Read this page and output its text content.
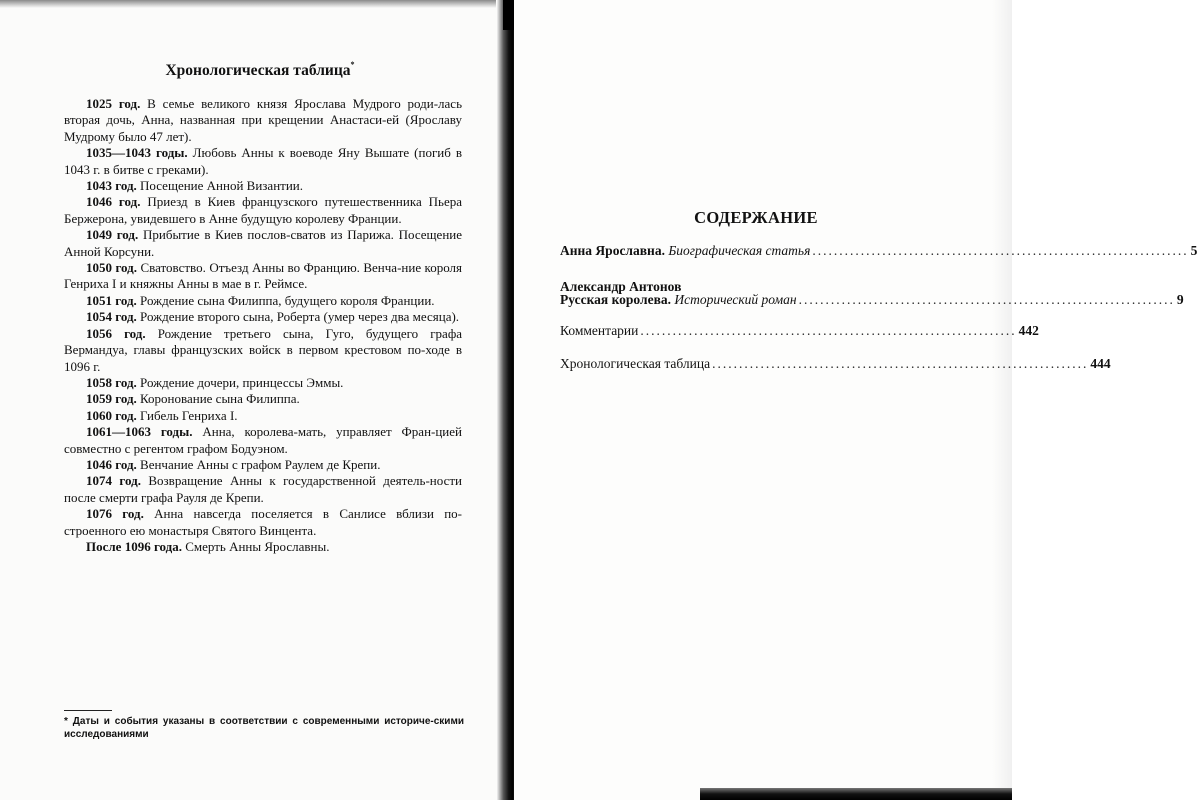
Хронологическая таблица*

1025 год. В семье великого князя Ярослава Мудрого роди-лась вторая дочь, Анна, названная при крещении Анастаси-ей (Ярославу Мудрому было 47 лет).

1035—1043 годы. Любовь Анны к воеводе Яну Вышате (погиб в 1043 г. в битве с греками).

1043 год. Посещение Анной Византии.

1046 год. Приезд в Киев французского путешественника Пьера Бержерона, увидевшего в Анне будущую королеву Франции.

1049 год. Прибытие в Киев послов-сватов из Парижа. Посещение Анной Корсуни.

1050 год. Сватовство. Отъезд Анны во Францию. Венча-ние короля Генриха I и княжны Анны в мае в г. Реймсе.

1051 год. Рождение сына Филиппа, будущего короля Франции.

1054 год. Рождение второго сына, Роберта (умер через два месяца).

1056 год. Рождение третьего сына, Гуго, будущего графа Вермандуа, главы французских войск в первом крестовом по-ходе в 1096 г.

1058 год. Рождение дочери, принцессы Эммы.

1059 год. Коронование сына Филиппа.

1060 год. Гибель Генриха I.

1061—1063 годы. Анна, королева-мать, управляет Фран-цией совместно с регентом графом Бодуэном.

1046 год. Венчание Анны с графом Раулем де Крепи.

1074 год. Возвращение Анны к государственной деятель-ности после смерти графа Рауля де Крепи.

1076 год. Анна навсегда поселяется в Санлисе вблизи по-строенного ею монастыря Святого Винцента.

После 1096 года. Смерть Анны Ярославны.

* Даты и события указаны в соответствии с современными историче-скими исследованиями
СОДЕРЖАНИЕ
Анна Ярославна.
Биографическая статья ...................................................................... 5
Александр Антонов
Русская королева.
Исторический роман ...................................................................... 9
Комментарии ...................................................................... 442
Хронологическая таблица ...................................................................... 444
